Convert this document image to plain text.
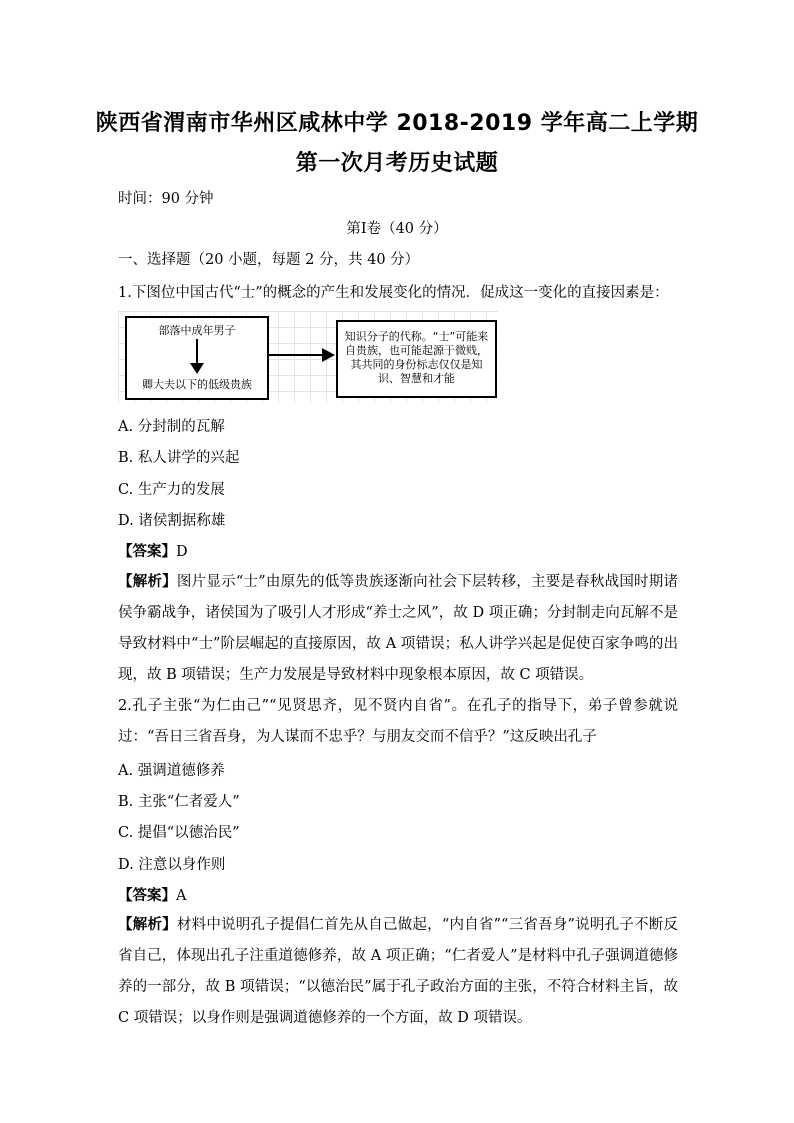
陕西省渭南市华州区咸林中学 2018-2019 学年高二上学期
第一次月考历史试题
时间：90 分钟
第Ⅰ卷（40 分）
一、选择题（20 小题，每题 2 分，共 40 分）
1.下图位中国古代“士”的概念的产生和发展变化的情况．促成这一变化的直接因素是：
部落中成年男子
卿大夫以下的低级贵族
知识分子的代称。“士”可能来自贵族，也可能起源于微贱，其共同的身份标志仅仅是知识、智慧和才能
A. 分封制的瓦解
B. 私人讲学的兴起
C. 生产力的发展
D. 诸侯割据称雄
【答案】D
【解析】图片显示“士”由原先的低等贵族逐渐向社会下层转移，主要是春秋战国时期诸侯争霸战争，诸侯国为了吸引人才形成“养士之风”，故 D 项正确；分封制走向瓦解不是导致材料中“士”阶层崛起的直接原因，故 A 项错误；私人讲学兴起是促使百家争鸣的出现，故 B 项错误；生产力发展是导致材料中现象根本原因，故 C 项错误。
2.孔子主张“为仁由己”“见贤思齐，见不贤内自省”。在孔子的指导下，弟子曾参就说过：“吾日三省吾身，为人谋而不忠乎？与朋友交而不信乎？”这反映出孔子
A. 强调道德修养
B. 主张“仁者爱人”
C. 提倡“以德治民”
D. 注意以身作则
【答案】A
【解析】材料中说明孔子提倡仁首先从自己做起，“内自省”“三省吾身”说明孔子不断反省自己，体现出孔子注重道德修养，故 A 项正确；“仁者爱人”是材料中孔子强调道德修养的一部分，故 B 项错误；“以德治民”属于孔子政治方面的主张，不符合材料主旨，故 C 项错误；以身作则是强调道德修养的一个方面，故 D 项错误。
